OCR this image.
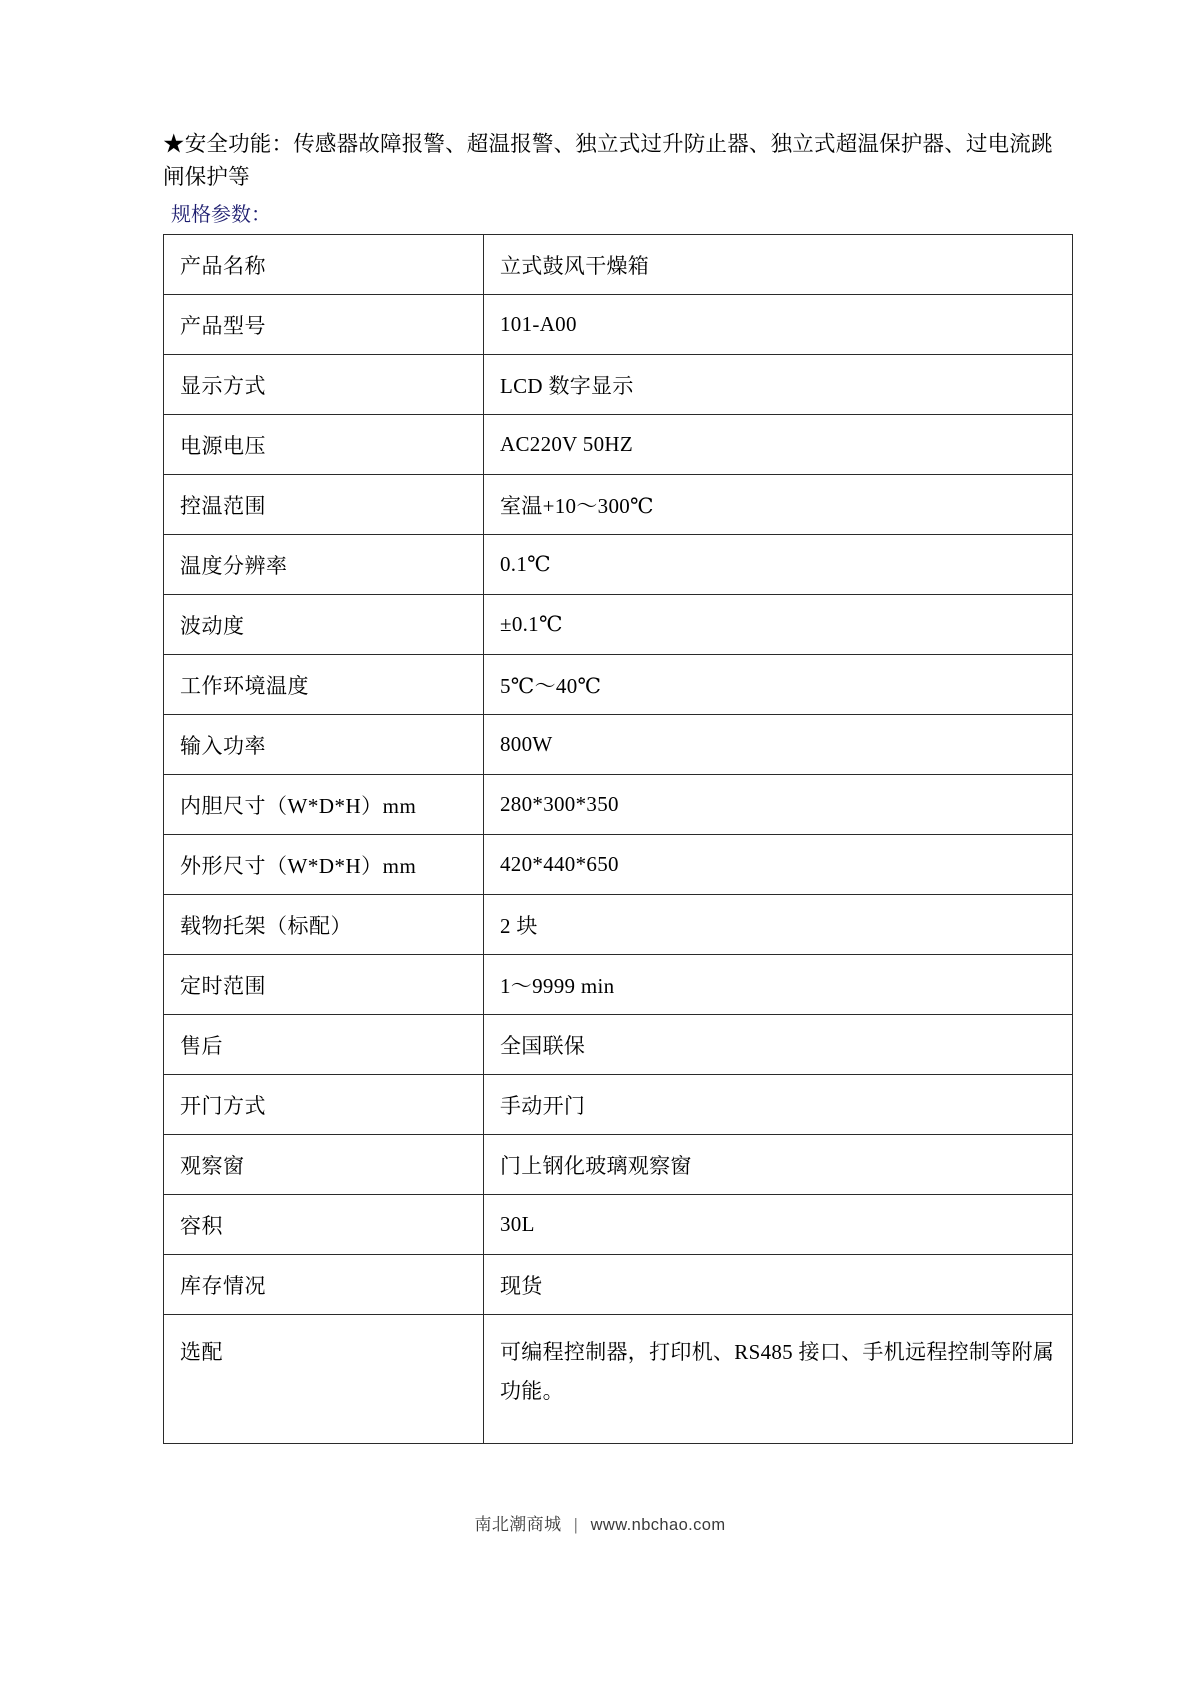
★安全功能：传感器故障报警、超温报警、独立式过升防止器、独立式超温保护器、过电流跳闸保护等
规格参数：
产品名称	立式鼓风干燥箱
产品型号	101-A00
显示方式	LCD 数字显示
电源电压	AC220V 50HZ
控温范围	室温+10～300℃
温度分辨率	0.1℃
波动度	±0.1℃
工作环境温度	5℃～40℃
输入功率	800W
内胆尺寸（W*D*H）mm	280*300*350
外形尺寸（W*D*H）mm	420*440*650
载物托架（标配）	2 块
定时范围	1～9999 min
售后	全国联保
开门方式	手动开门
观察窗	门上钢化玻璃观察窗
容积	30L
库存情况	现货
选配	可编程控制器，打印机、RS485 接口、手机远程控制等附属功能。
南北潮商城 | www.nbchao.com
